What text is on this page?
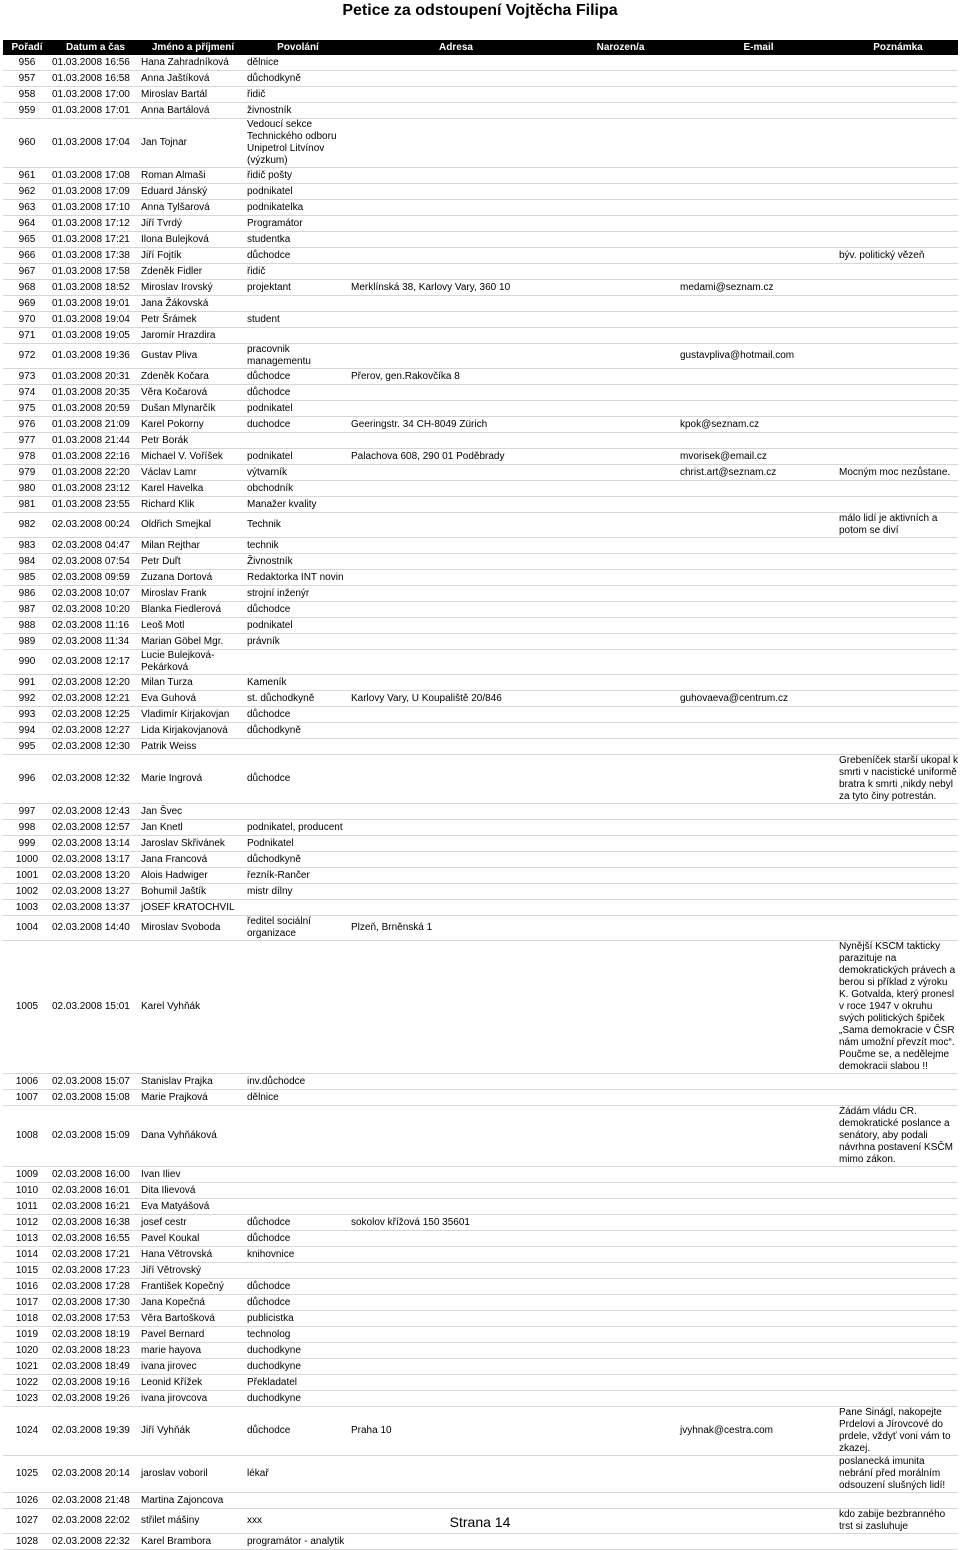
Petice za odstoupení Vojtěcha Filipa
Pořadí	Datum a čas	Jméno a příjmení	Povolání	Adresa	Narozen/a	E-mail	Poznámka
956	01.03.2008 16:56	Hana Zahradníková	dělnice				
957	01.03.2008 16:58	Anna Jaštíková	důchodkyně				
958	01.03.2008 17:00	Miroslav Bartál	řidič				
959	01.03.2008 17:01	Anna Bartálová	živnostník				
960	01.03.2008 17:04	Jan Tojnar	Vedoucí sekce Technického odboru Unipetrol Litvínov (výzkum)				
961	01.03.2008 17:08	Roman Almaši	řidič pošty				
962	01.03.2008 17:09	Eduard Jánský	podnikatel				
963	01.03.2008 17:10	Anna Tylšarová	podnikatelka				
964	01.03.2008 17:12	Jiří Tvrdý	Programátor				
965	01.03.2008 17:21	Ilona Bulejková	studentka				
966	01.03.2008 17:38	Jiří Fojtík	důchodce				býv. politický vězeň
967	01.03.2008 17:58	Zdeněk Fidler	řidič				
968	01.03.2008 18:52	Miroslav Irovský	projektant	Merklínská 38, Karlovy Vary, 360 10		medami@seznam.cz	
969	01.03.2008 19:01	Jana Žákovská					
970	01.03.2008 19:04	Petr Šrámek	student				
971	01.03.2008 19:05	Jaromír Hrazdira					
972	01.03.2008 19:36	Gustav Pliva	pracovnik managementu			gustavpliva@hotmail.com	
973	01.03.2008 20:31	Zdeněk Kočara	důchodce	Přerov, gen.Rakovčíka 8			
974	01.03.2008 20:35	Věra Kočarová	důchodce				
975	01.03.2008 20:59	Dušan Mlynarčík	podnikatel				
976	01.03.2008 21:09	Karel Pokorny	duchodce	Geeringstr. 34 CH-8049 Zürich		kpok@seznam.cz	
977	01.03.2008 21:44	Petr Borák					
978	01.03.2008 22:16	Michael V. Voříšek	podnikatel	Palachova 608, 290 01 Poděbrady		mvorisek@email.cz	
979	01.03.2008 22:20	Václav Lamr	výtvarník			christ.art@seznam.cz	Mocným moc nezůstane.
980	01.03.2008 23:12	Karel Havelka	obchodník				
981	01.03.2008 23:55	Richard Klik	Manažer kvality				
982	02.03.2008 00:24	Oldřich Smejkal	Technik				málo lidí je aktivních a potom se diví
983	02.03.2008 04:47	Milan Rejthar	technik				
984	02.03.2008 07:54	Petr Duľt	Živnostník				
985	02.03.2008 09:59	Zuzana Dortová	Redaktorka INT novin				
986	02.03.2008 10:07	Miroslav Frank	strojní inženýr				
987	02.03.2008 10:20	Blanka Fiedlerová	důchodce				
988	02.03.2008 11:16	Leoš Motl	podnikatel				
989	02.03.2008 11:34	Marian Göbel Mgr.	právník				
990	02.03.2008 12:17	Lucie Bulejková-Pekárková					
991	02.03.2008 12:20	Milan Turza	Kameník				
992	02.03.2008 12:21	Eva Guhová	st. důchodkyně	Karlovy Vary, U Koupaliště 20/846		guhovaeva@centrum.cz	
993	02.03.2008 12:25	Vladimír Kirjakovjan	důchodce				
994	02.03.2008 12:27	Lida Kirjakovjanová	důchodkyně				
995	02.03.2008 12:30	Patrik Weiss					
996	02.03.2008 12:32	Marie Ingrová	důchodce				Grebeníček starší ukopal k smrti v nacistické uniformě bratra k smrti ,nikdy nebyl za tyto činy potrestán.
997	02.03.2008 12:43	Jan Švec					
998	02.03.2008 12:57	Jan Knetl	podnikatel, producent				
999	02.03.2008 13:14	Jaroslav Skřivánek	Podnikatel				
1000	02.03.2008 13:17	Jana Francová	důchodkyně				
1001	02.03.2008 13:20	Alois Hadwiger	řezník-Rančer				
1002	02.03.2008 13:27	Bohumil Jaštík	mistr dílny				
1003	02.03.2008 13:37	jOSEF kRATOCHVIL					
1004	02.03.2008 14:40	Miroslav Svoboda	ředitel sociální organizace	Plzeň, Brněnská 1			
1005	02.03.2008 15:01	Karel Vyhňák					Nynější KSČM takticky parazituje na demokratických právech a berou si příklad z výroku K. Gotvalda, který pronesl v roce 1947 v okruhu svých politických špiček „Sama demokracie v ČSR nám umožní převzít moc“. Poučme se, a nedělejme demokracii slabou !!
1006	02.03.2008 15:07	Stanislav Prajka	inv.důchodce				
1007	02.03.2008 15:08	Marie Prajková	dělnice				
1008	02.03.2008 15:09	Dana Vyhňáková					Žádám vládu ČR. demokratické poslance a senátory, aby podali návrhna postavení KSČM mimo zákon.
1009	02.03.2008 16:00	Ivan Iliev					
1010	02.03.2008 16:01	Dita Ilievová					
1011	02.03.2008 16:21	Eva Matyášová					
1012	02.03.2008 16:38	josef cestr	důchodce	sokolov křížová 150 35601			
1013	02.03.2008 16:55	Pavel Koukal	důchodce				
1014	02.03.2008 17:21	Hana Větrovská	knihovnice				
1015	02.03.2008 17:23	Jiří Větrovský					
1016	02.03.2008 17:28	František Kopečný	důchodce				
1017	02.03.2008 17:30	Jana Kopečná	důchodce				
1018	02.03.2008 17:53	Věra Bartošková	publicistka				
1019	02.03.2008 18:19	Pavel Bernard	technolog				
1020	02.03.2008 18:23	marie hayova	duchodkyne				
1021	02.03.2008 18:49	ivana jirovec	duchodkyne				
1022	02.03.2008 19:16	Leonid Křížek	Překladatel				
1023	02.03.2008 19:26	ivana jirovcova	duchodkyne				
1024	02.03.2008 19:39	Jiří Vyhňák	důchodce	Praha 10		jvyhnak@cestra.com	Pane Šinágl, nakopejte Prdelovi a Jírovcové do prdele, vždyť voni vám to zkazej.
1025	02.03.2008 20:14	jaroslav voboril	lékař				poslanecká imunita nebrání před morálním odsouzení slušných lidí!
1026	02.03.2008 21:48	Martina Zajoncova					
1027	02.03.2008 22:02	střilet mášiny	xxx				kdo zabije bezbranného trst si zasluhuje
1028	02.03.2008 22:32	Karel Brambora	programátor - analytik				
Strana 14
